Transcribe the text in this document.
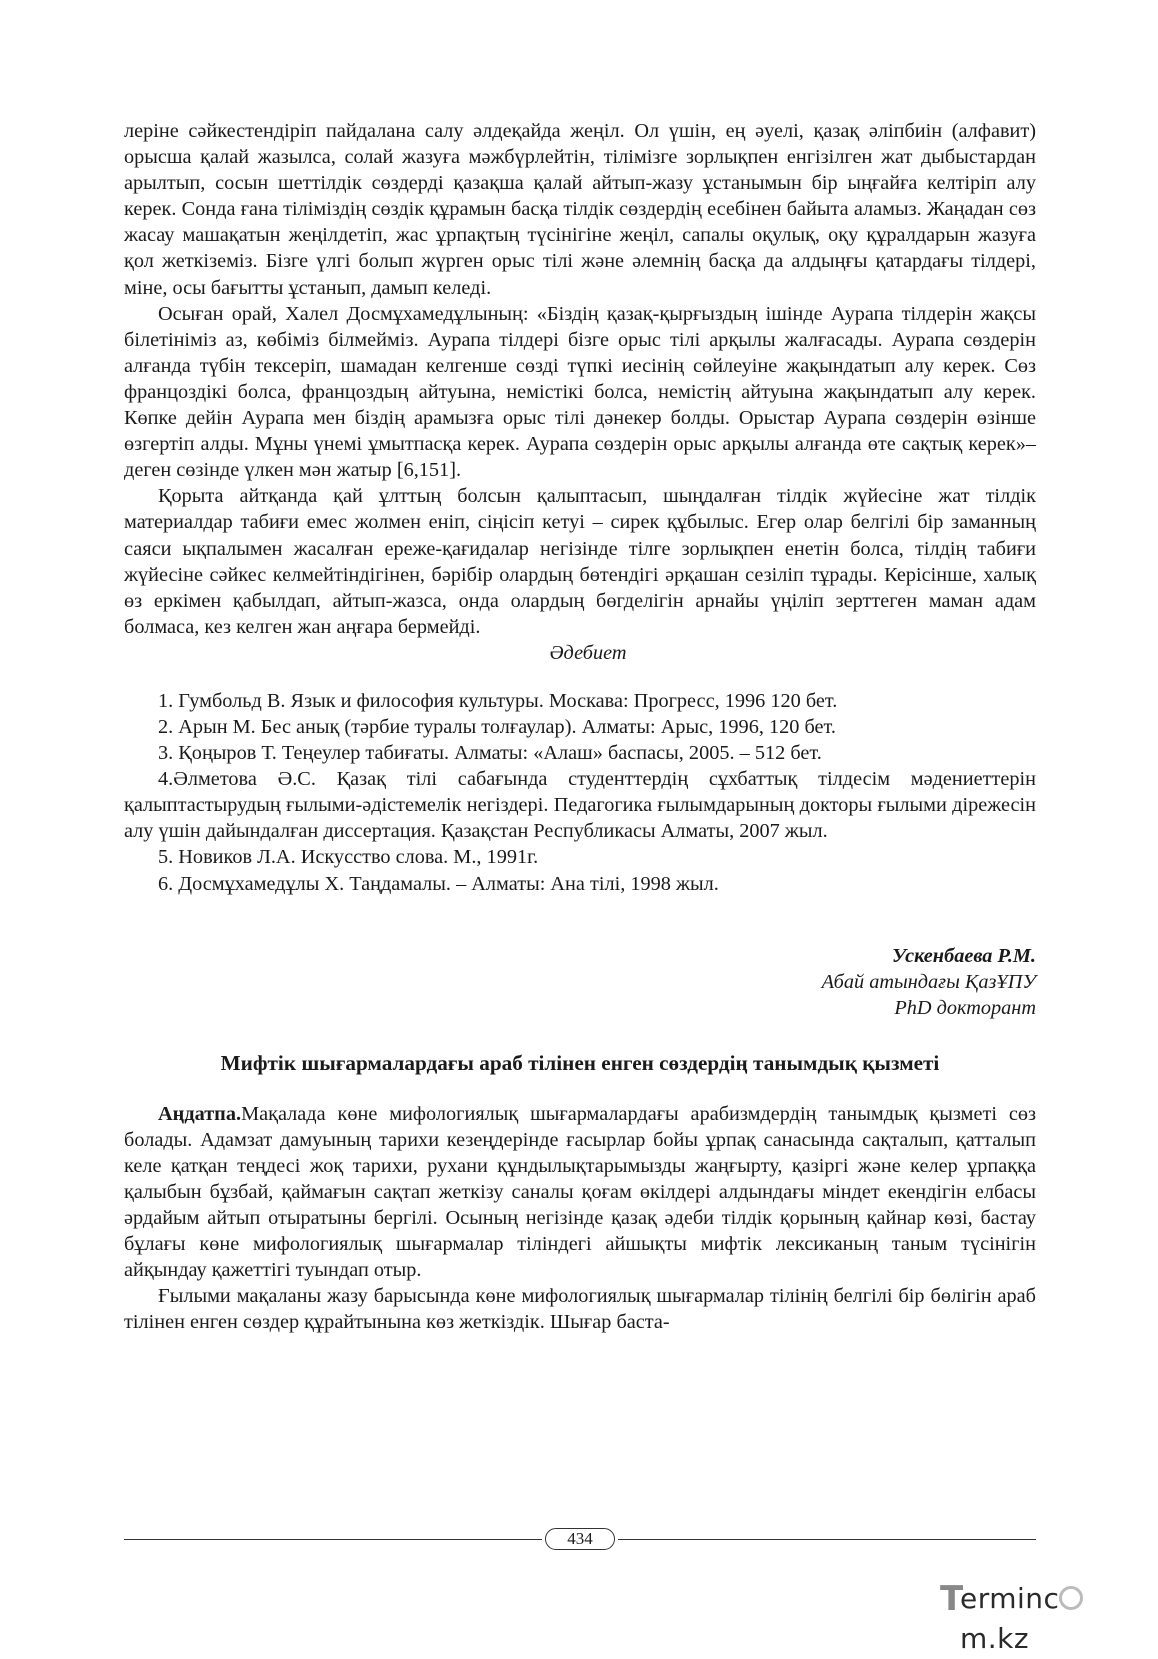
леріне сәйкестендіріп пайдалана салу әлдеқайда жеңіл. Ол үшін, ең әуелі, қазақ әліпбиін (алфавит) орысша қалай жазылса, солай жазуға мәжбүрлейтін, тілімізге зорлықпен енгізілген жат дыбыстардан арылтып, сосын шеттілдік сөздерді қазақша қалай айтып-жазу ұстанымын бір ыңғайға келтіріп алу керек. Сонда ғана тіліміздің сөздік құрамын басқа тілдік сөздердің есебінен байыта аламыз. Жаңадан сөз жасау машақатын жеңілдетіп, жас ұрпақтың түсінігіне жеңіл, сапалы оқулық, оқу құралдарын жазуға қол жеткіземіз. Бізге үлгі болып жүрген орыс тілі және әлемнің басқа да алдыңғы қатардағы тілдері, міне, осы бағытты ұстанып, дамып келеді.

Осыған орай, Халел Досмұхамедұлының: «Біздің қазақ-қырғыздың ішінде Аурапа тілдерін жақсы білетініміз аз, көбіміз білмейміз. Аурапа тілдері бізге орыс тілі арқылы жалғасады. Аурапа сөздерін алғанда түбін тексеріп, шамадан келгенше сөзді түпкі иесінің сөйлеуіне жақындатып алу керек. Сөз францоздікі болса, францоздың айтуына, немістікі болса, немістің айтуына жақындатып алу керек. Көпке дейін Аурапа мен біздің арамызға орыс тілі дәнекер болды. Орыстар Аурапа сөздерін өзінше өзгертіп алды. Мұны үнемі ұмытпасқа керек. Аурапа сөздерін орыс арқылы алғанда өте сақтық керек»– деген сөзінде үлкен мән жатыр [6,151].

Қорыта айтқанда қай ұлттың болсын қалыптасып, шыңдалған тілдік жүйесіне жат тілдік материалдар табиғи емес жолмен еніп, сіңісіп кетуі – сирек құбылыс. Егер олар белгілі бір заманның саяси ықпалымен жасалған ереже-қағидалар негізінде тілге зорлықпен енетін болса, тілдің табиғи жүйесіне сәйкес келмейтіндігінен, бәрібір олардың бөтендігі әрқашан сезіліп тұрады. Керісінше, халық өз еркімен қабылдап, айтып-жазса, онда олардың бөгделігін арнайы үңіліп зерттеген маман адам болмаса, кез келген жан аңғара бермейді.

Әдебиет

1. Гумбольд В. Язык и философия культуры. Москава: Прогресс, 1996 120 бет.

2. Арын М. Бес анық (тәрбие туралы толғаулар). Алматы: Арыс, 1996, 120 бет.

3. Қоңыров Т. Теңеулер табиғаты. Алматы: «Алаш» баспасы, 2005. – 512 бет.

4.Әлметова Ә.С. Қазақ тілі сабағында студенттердің сұхбаттық тілдесім мәдениеттерін қалыптастырудың ғылыми-әдістемелік негіздері. Педагогика ғылымдарының докторы ғылыми дірежесін алу үшін дайындалған диссертация. Қазақстан Республикасы Алматы, 2007 жыл.

5. Новиков Л.А. Искусство слова. М., 1991г.

6. Досмұхамедұлы Х. Таңдамалы. – Алматы: Ана тілі, 1998 жыл.

Ускенбаева Р.М.
Абай атындағы ҚазҰПУ
PhD докторант
Мифтік шығармалардағы араб тілінен енген сөздердің танымдық қызметі

Аңдатпа.Мақалада көне мифологиялық шығармалардағы арабизмдердің танымдық қызметі сөз болады. Адамзат дамуының тарихи кезеңдерінде ғасырлар бойы ұрпақ санасында сақталып, қатталып келе қатқан теңдесі жоқ тарихи, рухани құндылықтарымызды жаңғырту, қазіргі және келер ұрпаққа қалыбын бұзбай, қаймағын сақтап жеткізу саналы қоғам өкілдері алдындағы міндет екендігін елбасы әрдайым айтып отыратыны бергілі. Осының негізінде қазақ әдеби тілдік қорының қайнар көзі, бастау бұлағы көне мифологиялық шығармалар тіліндегі айшықты мифтік лексиканың таным түсінігін айқындау қажеттігі туындап отыр.

Ғылыми мақаланы жазу барысында көне мифологиялық шығармалар тілінің белгілі бір бөлігін араб тілінен енген сөздер құрайтынына көз жеткіздік. Шығар баста-

434
T
ermincm.kz
